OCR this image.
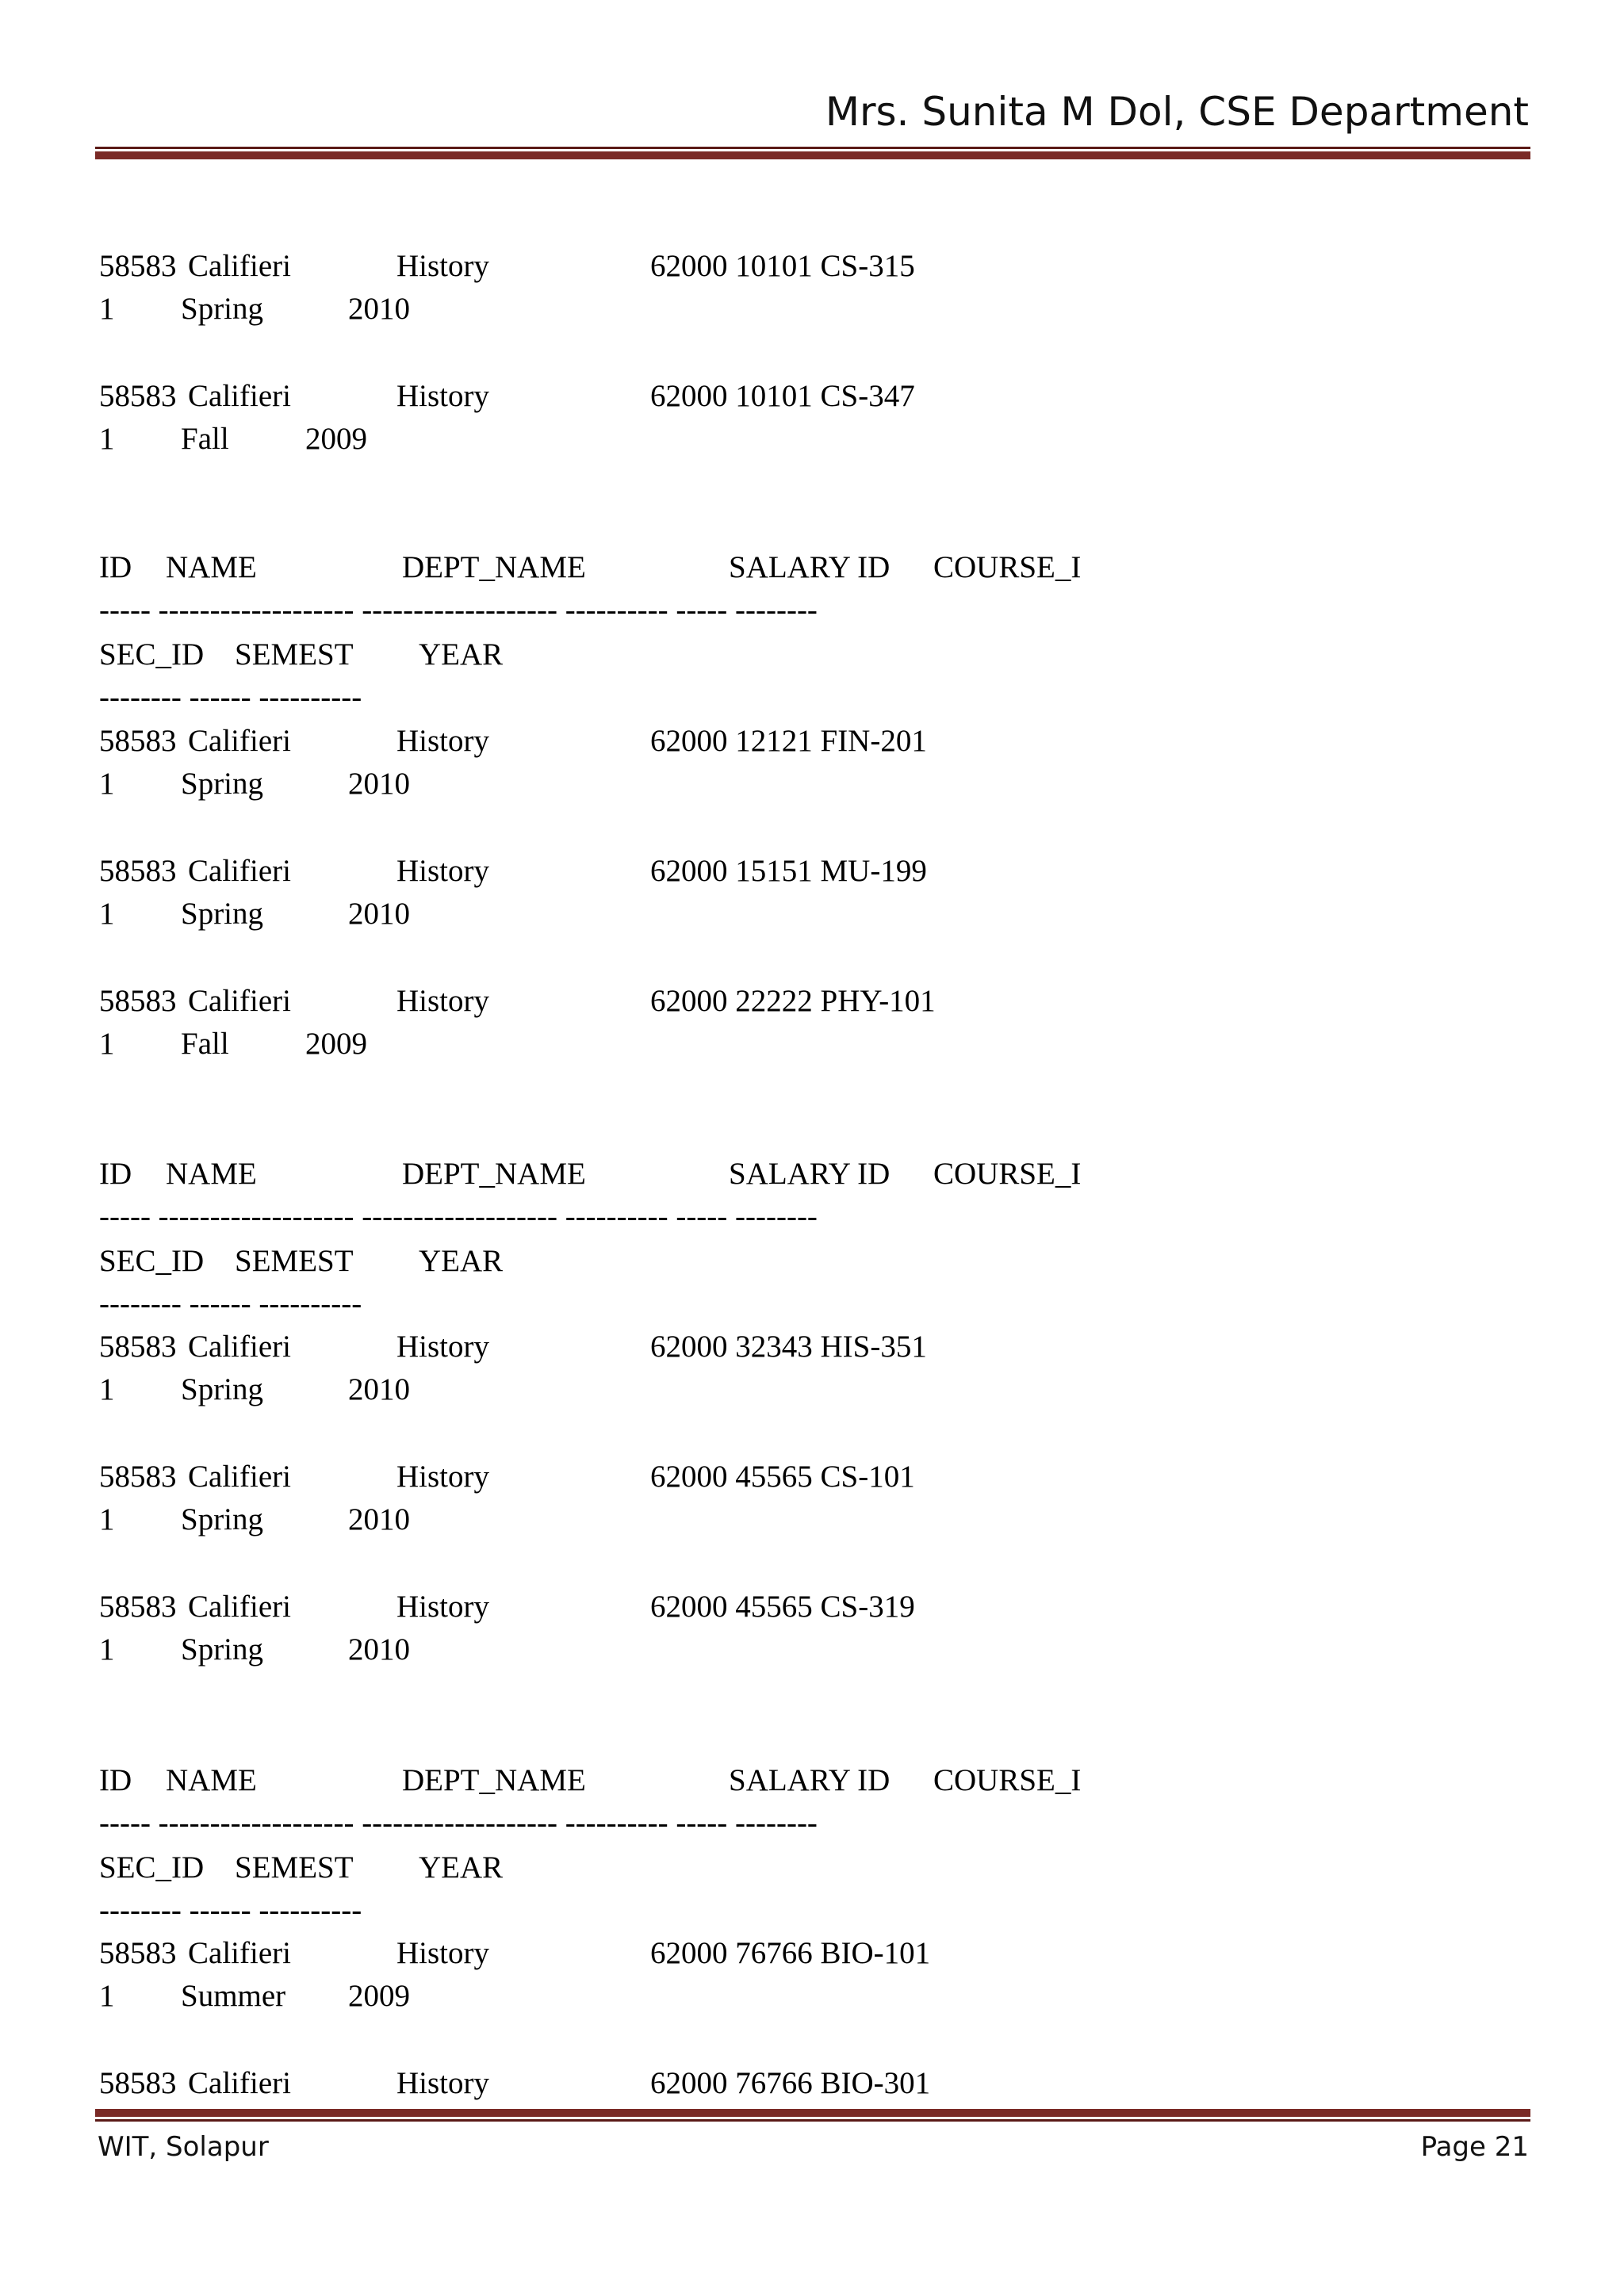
Mrs. Sunita M Dol, CSE Department
58583 Califieri	History	62000 10101 CS-315
1 Spring	2010
58583 Califieri	History	62000 10101 CS-347
1 Fall 2009
ID NAME	DEPT_NAME	SALARY ID COURSE_I
----- ------------------- ------------------- ---------- ----- --------
SEC_ID SEMEST YEAR
-------- ------ ----------
58583 Califieri	History	62000 12121 FIN-201
1 Spring	2010
58583 Califieri	History	62000 15151 MU-199
1 Spring	2010
58583 Califieri	History	62000 22222 PHY-101
1 Fall 2009
ID NAME	DEPT_NAME	SALARY ID COURSE_I
----- ------------------- ------------------- ---------- ----- --------
SEC_ID SEMEST YEAR
-------- ------ ----------
58583 Califieri	History	62000 32343 HIS-351
1 Spring	2010
58583 Califieri	History	62000 45565 CS-101
1 Spring	2010
58583 Califieri	History	62000 45565 CS-319
1 Spring	2010
ID NAME	DEPT_NAME	SALARY ID COURSE_I
----- ------------------- ------------------- ---------- ----- --------
SEC_ID SEMEST YEAR
-------- ------ ----------
58583 Califieri	History	62000 76766 BIO-101
1 Summer 2009
58583 Califieri	History	62000 76766 BIO-301
WIT, Solapur	Page 21
